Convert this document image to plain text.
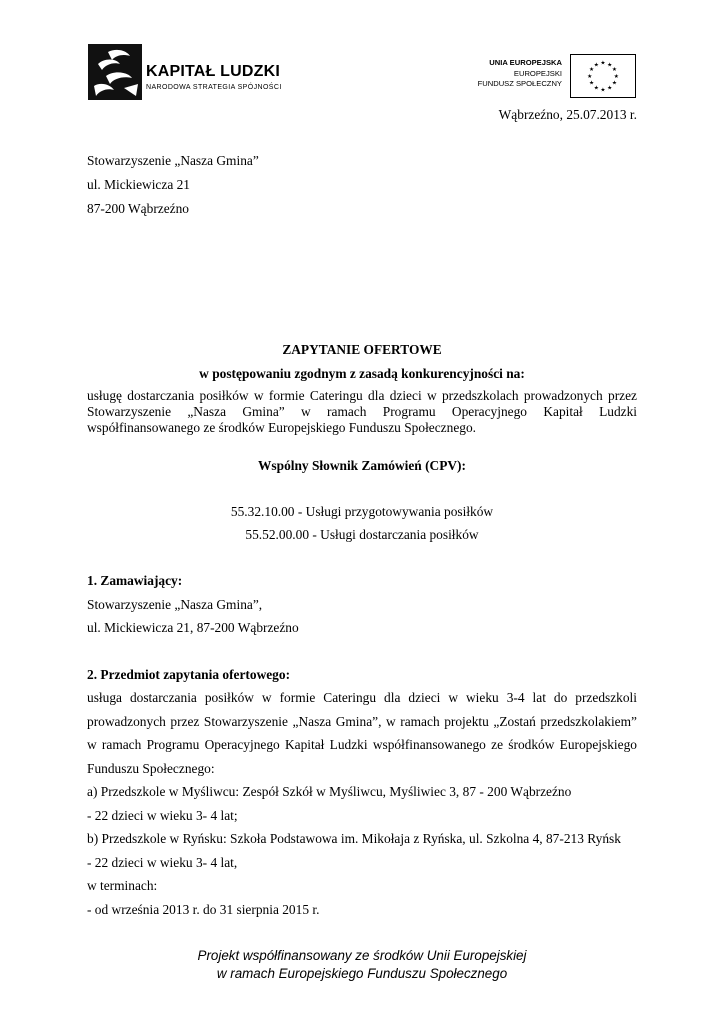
KAPITAŁ LUDZKI
NARODOWA STRATEGIA SPÓJNOŚCI
UNIA EUROPEJSKA
EUROPEJSKI
FUNDUSZ SPOŁECZNY
★ ★
★
★
★
★
★
★
★
★
★
★
Wąbrzeźno, 25.07.2013 r.
Stowarzyszenie „Nasza Gmina”
ul. Mickiewicza 21
87-200 Wąbrzeźno
ZAPYTANIE OFERTOWE
w postępowaniu zgodnym z zasadą konkurencyjności na:
usługę dostarczania posiłków w formie Cateringu dla dzieci w przedszkolach prowadzonych przez
Stowarzyszenie „Nasza Gmina” w ramach Programu Operacyjnego Kapitał Ludzki
współfinansowanego ze środków Europejskiego Funduszu Społecznego.
Wspólny Słownik Zamówień (CPV):
55.32.10.00 - Usługi przygotowywania posiłków
55.52.00.00 - Usługi dostarczania posiłków
1. Zamawiający:
Stowarzyszenie „Nasza Gmina”,
ul. Mickiewicza 21, 87-200 Wąbrzeźno
2. Przedmiot zapytania ofertowego:
usługa dostarczania posiłków w formie Cateringu dla dzieci w wieku 3-4 lat do przedszkoli
prowadzonych przez Stowarzyszenie „Nasza Gmina”, w ramach projektu „Zostań przedszkolakiem”
w ramach Programu Operacyjnego Kapitał Ludzki współfinansowanego ze środków Europejskiego
Funduszu Społecznego:
a) Przedszkole w Myśliwcu: Zespół Szkół w Myśliwcu, Myśliwiec 3, 87 - 200 Wąbrzeźno
- 22 dzieci w wieku 3- 4 lat;
b) Przedszkole w Ryńsku: Szkoła Podstawowa im. Mikołaja z Ryńska, ul. Szkolna 4, 87-213 Ryńsk
- 22 dzieci w wieku 3- 4 lat,
w terminach:
- od września 2013 r. do 31 sierpnia 2015 r.
Projekt współfinansowany ze środków Unii Europejskiej
w ramach Europejskiego Funduszu Społecznego
